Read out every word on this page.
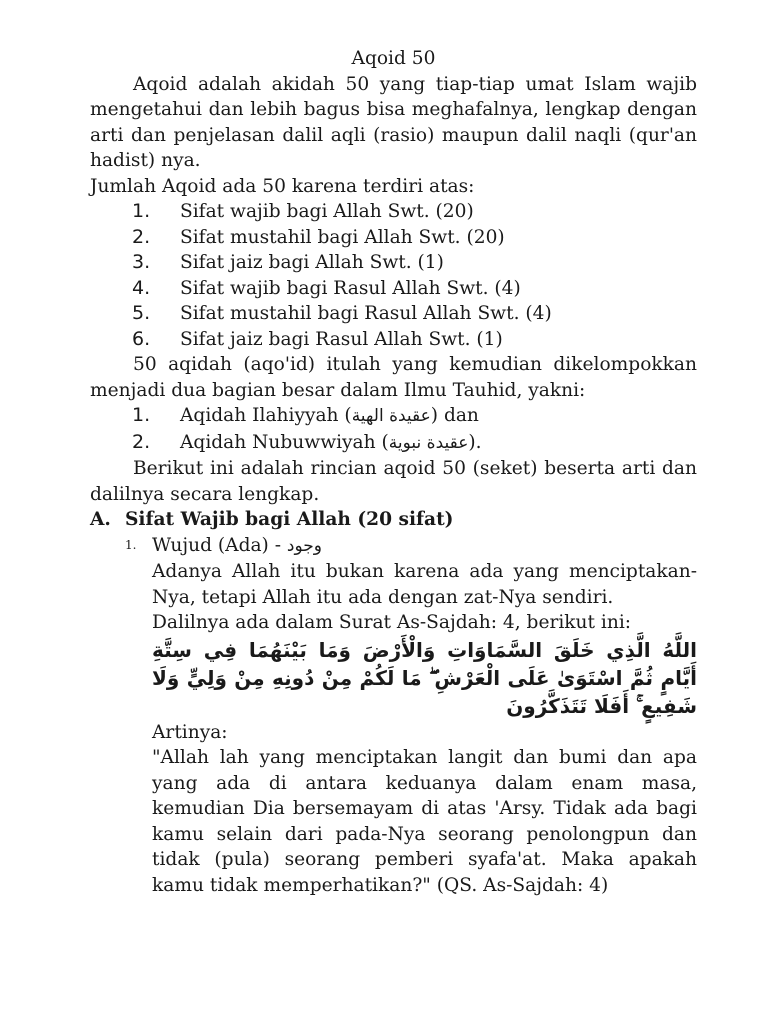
Aqoid 50
Aqoid adalah akidah 50 yang tiap-tiap umat Islam wajib mengetahui dan lebih bagus bisa meghafalnya, lengkap dengan arti dan penjelasan dalil aqli (rasio) maupun dalil naqli (qur'an hadist) nya.
Jumlah Aqoid ada 50 karena terdiri atas:
1.	Sifat wajib bagi Allah Swt. (20)
2.	Sifat mustahil bagi Allah Swt. (20)
3.	Sifat jaiz bagi Allah Swt. (1)
4.	Sifat wajib bagi Rasul Allah Swt. (4)
5.	Sifat mustahil bagi Rasul Allah Swt. (4)
6.	Sifat jaiz bagi Rasul Allah Swt. (1)
50 aqidah (aqo'id) itulah yang kemudian dikelompokkan menjadi dua bagian besar dalam Ilmu Tauhid, yakni:
1.	Aqidah Ilahiyyah (عقيدة الهية) dan
2.	Aqidah Nubuwwiyah (عقيدة نبوية).
Berikut ini adalah rincian aqoid 50 (seket) beserta arti dan dalilnya secara lengkap.
A. Sifat Wajib bagi Allah (20 sifat)
1. Wujud (Ada) - وجود
Adanya Allah itu bukan karena ada yang menciptakan-Nya, tetapi Allah itu ada dengan zat-Nya sendiri.
Dalilnya ada dalam Surat As-Sajdah: 4, berikut ini:
اللَّهُ الَّذِي خَلَقَ السَّمَاوَاتِ وَالْأَرْضَ وَمَا بَيْنَهُمَا فِي سِتَّةِ أَيَّامٍ ثُمَّ اسْتَوَىٰ عَلَى الْعَرْشِ ۖ مَا لَكُمْ مِنْ دُونِهِ مِنْ وَلِيٍّ وَلَا شَفِيعٍ ۚ أَفَلَا تَتَذَكَّرُونَ
Artinya:
"Allah lah yang menciptakan langit dan bumi dan apa yang ada di antara keduanya dalam enam masa, kemudian Dia bersemayam di atas 'Arsy. Tidak ada bagi kamu selain dari pada-Nya seorang penolongpun dan tidak (pula) seorang pemberi syafa'at. Maka apakah kamu tidak memperhatikan?" (QS. As-Sajdah: 4)
